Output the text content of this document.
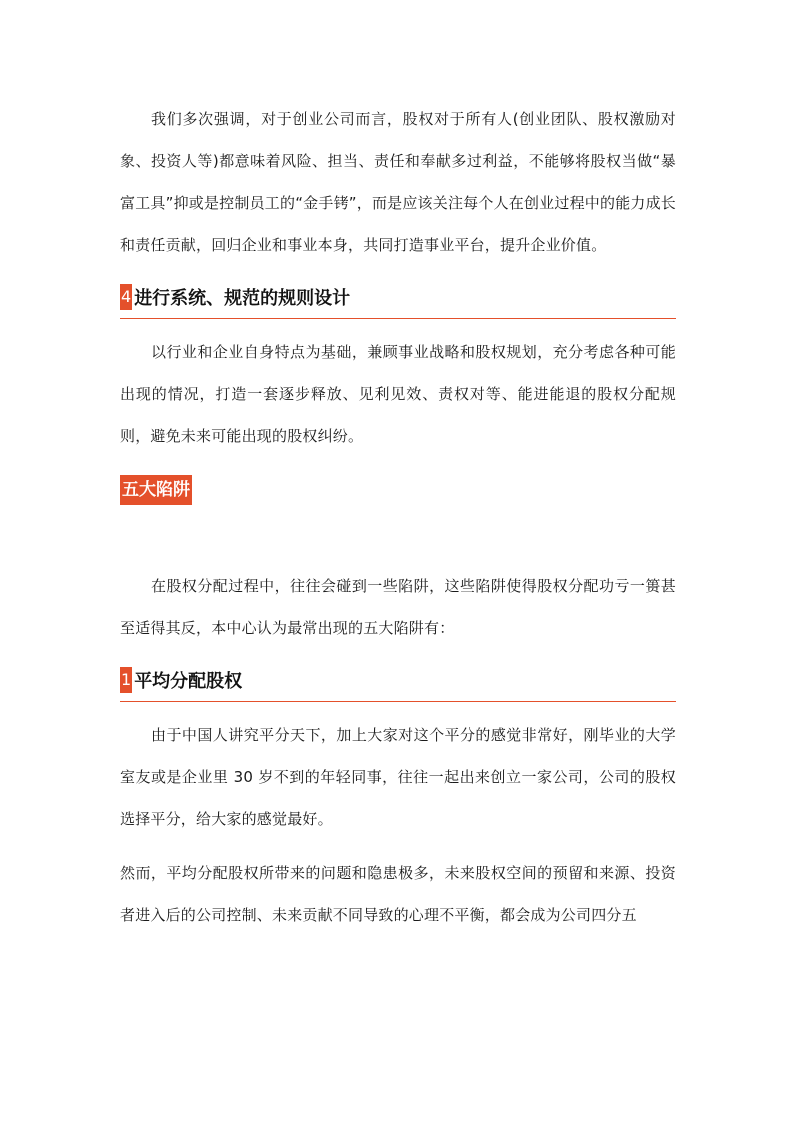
我们多次强调，对于创业公司而言，股权对于所有人(创业团队、股权激励对象、投资人等)都意味着风险、担当、责任和奉献多过利益，不能够将股权当做“暴富工具”抑或是控制员工的“金手铐”，而是应该关注每个人在创业过程中的能力成长和责任贡献，回归企业和事业本身，共同打造事业平台，提升企业价值。

4 进行系统、规范的规则设计

以行业和企业自身特点为基础，兼顾事业战略和股权规划，充分考虑各种可能出现的情况，打造一套逐步释放、见利见效、责权对等、能进能退的股权分配规则，避免未来可能出现的股权纠纷。

五大陷阱

在股权分配过程中，往往会碰到一些陷阱，这些陷阱使得股权分配功亏一篑甚至适得其反，本中心认为最常出现的五大陷阱有：

1 平均分配股权

由于中国人讲究平分天下，加上大家对这个平分的感觉非常好，刚毕业的大学室友或是企业里 30 岁不到的年轻同事，往往一起出来创立一家公司，公司的股权选择平分，给大家的感觉最好。

然而，平均分配股权所带来的问题和隐患极多，未来股权空间的预留和来源、投资者进入后的公司控制、未来贡献不同导致的心理不平衡，都会成为公司四分五
